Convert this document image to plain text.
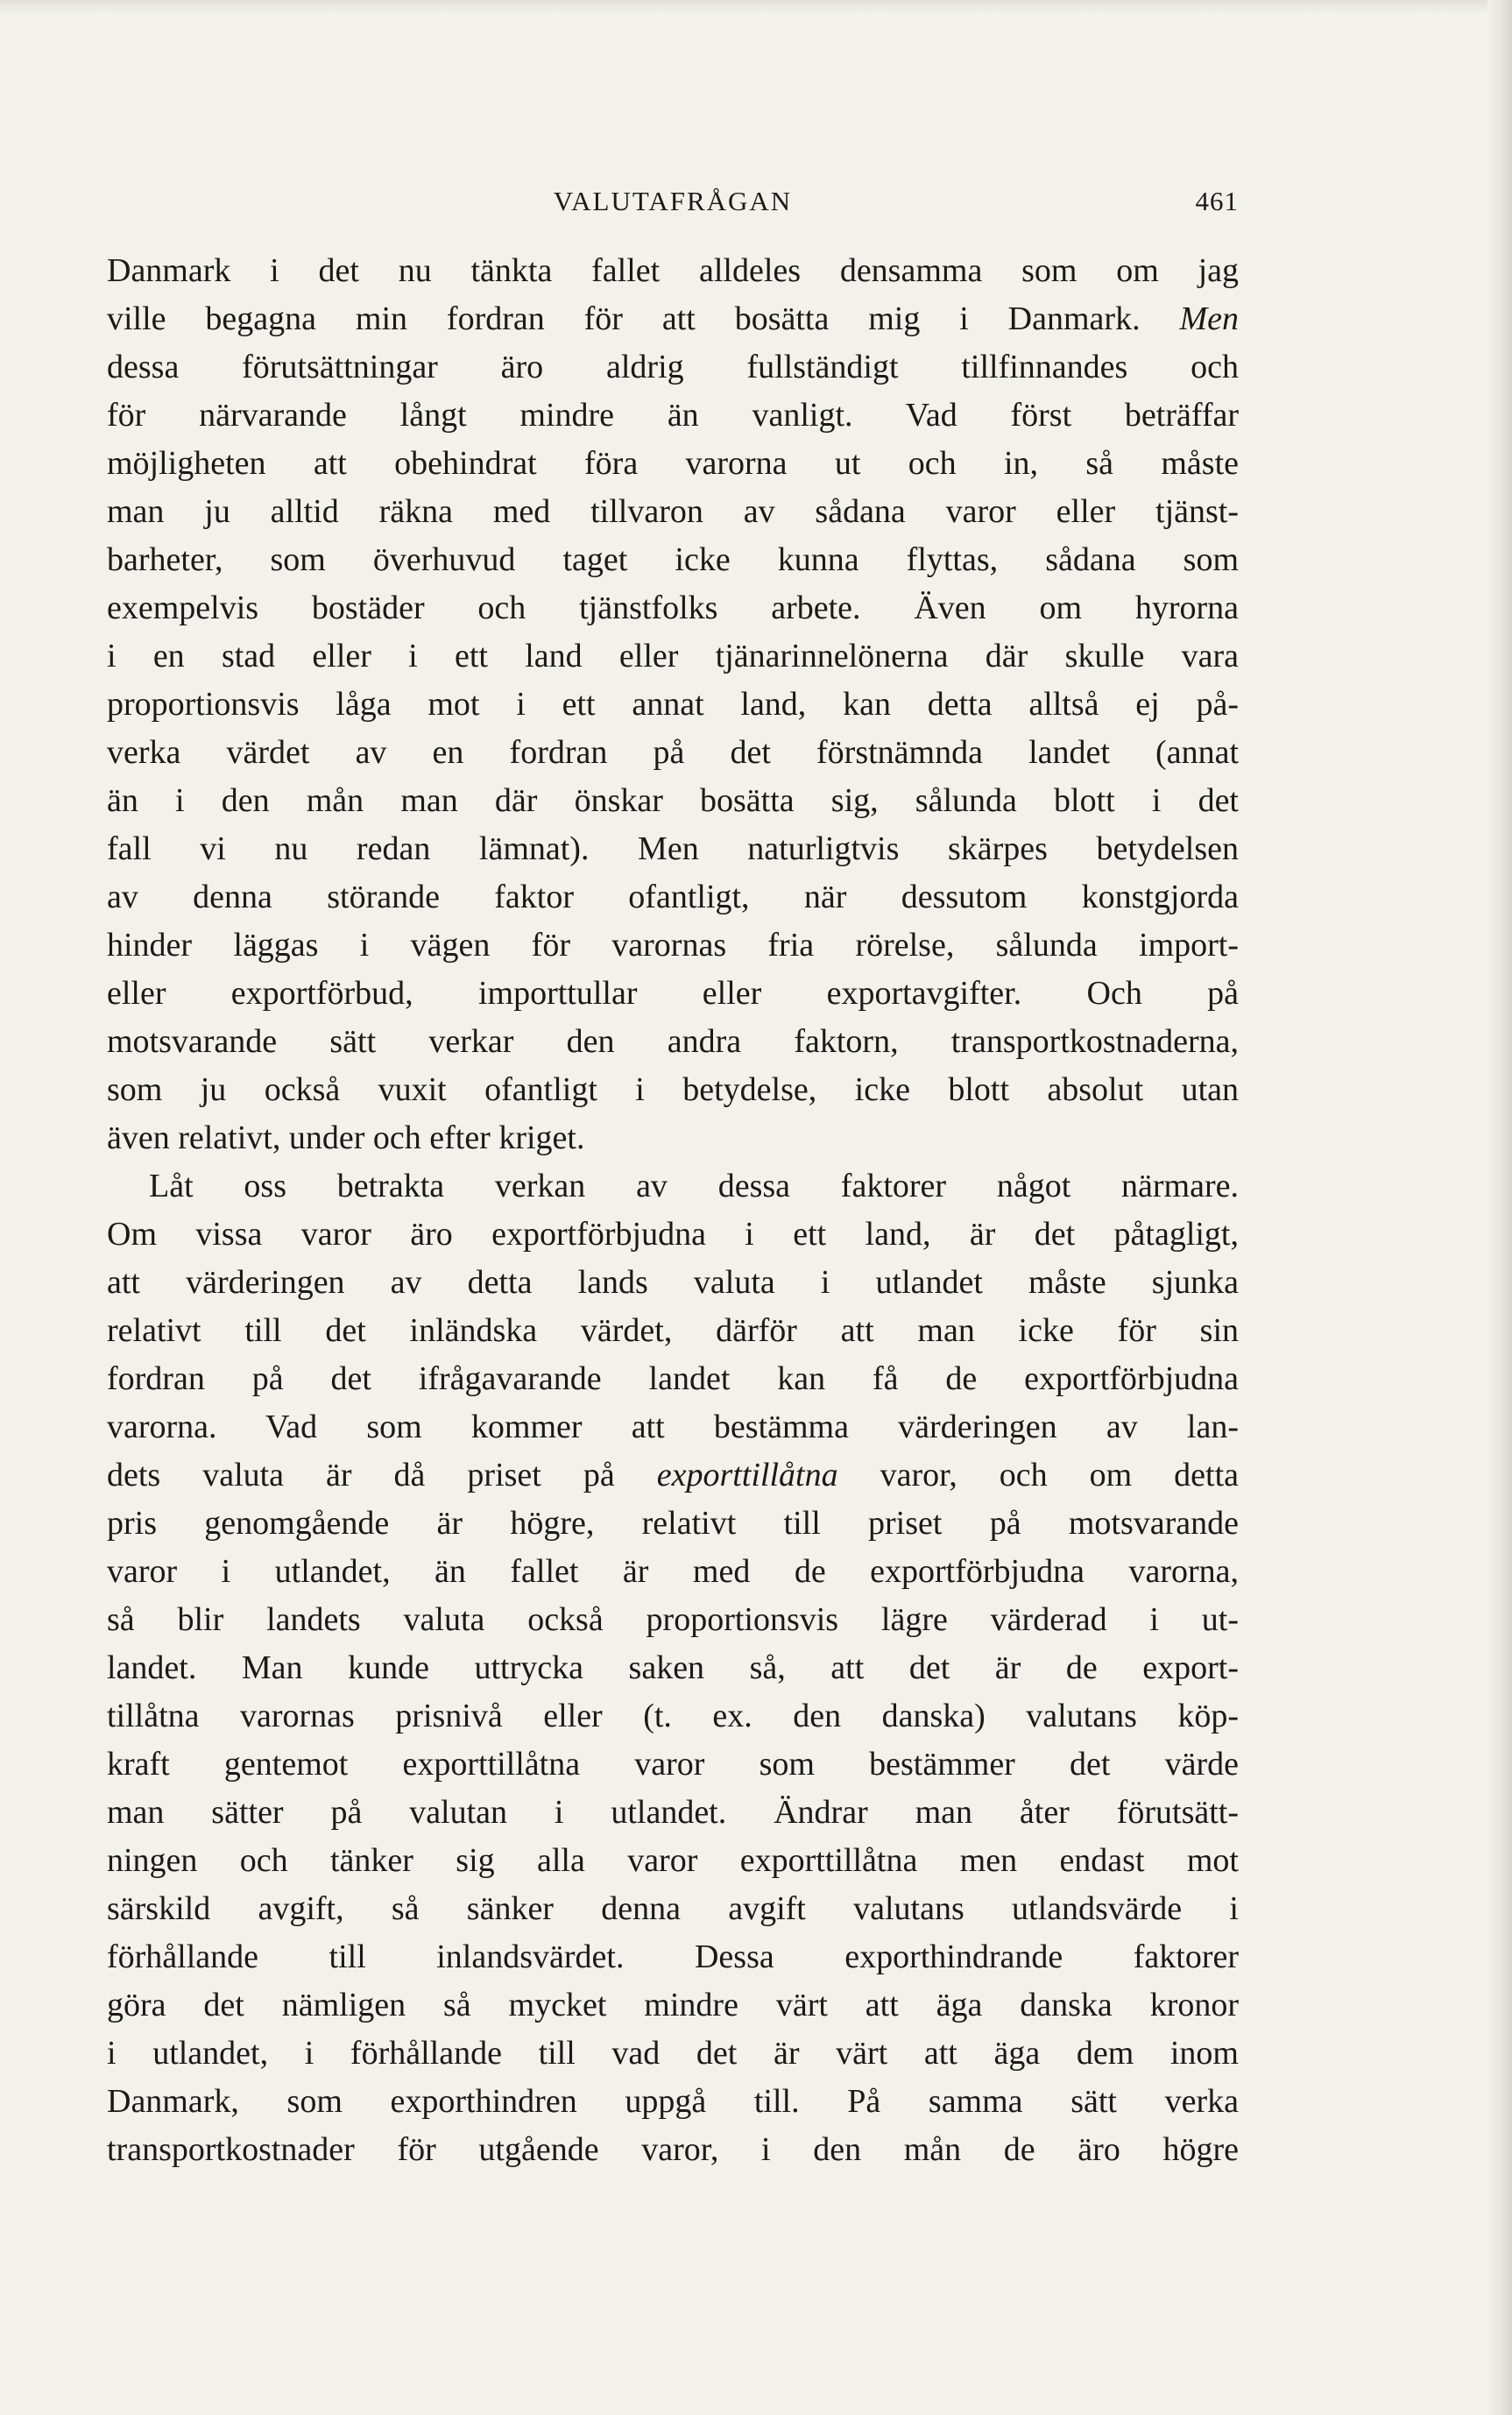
VALUTAFRÅGAN	461
Danmark i det nu tänkta fallet alldeles densamma som om jag
ville begagna min fordran för att bosätta mig i Danmark. Men
dessa förutsättningar äro aldrig fullständigt tillfinnandes och
för närvarande långt mindre än vanligt. Vad först beträffar
möjligheten att obehindrat föra varorna ut och in, så måste
man ju alltid räkna med tillvaron av sådana varor eller tjänst-
barheter, som överhuvud taget icke kunna flyttas, sådana som
exempelvis bostäder och tjänstfolks arbete. Även om hyrorna
i en stad eller i ett land eller tjänarinnelönerna där skulle vara
proportionsvis låga mot i ett annat land, kan detta alltså ej på-
verka värdet av en fordran på det förstnämnda landet (annat
än i den mån man där önskar bosätta sig, sålunda blott i det
fall vi nu redan lämnat). Men naturligtvis skärpes betydelsen
av denna störande faktor ofantligt, när dessutom konstgjorda
hinder läggas i vägen för varornas fria rörelse, sålunda import-
eller exportförbud, importtullar eller exportavgifter. Och på
motsvarande sätt verkar den andra faktorn, transportkostnaderna,
som ju också vuxit ofantligt i betydelse, icke blott absolut utan
även relativt, under och efter kriget.
Låt oss betrakta verkan av dessa faktorer något närmare.
Om vissa varor äro exportförbjudna i ett land, är det påtagligt,
att värderingen av detta lands valuta i utlandet måste sjunka
relativt till det inländska värdet, därför att man icke för sin
fordran på det ifrågavarande landet kan få de exportförbjudna
varorna. Vad som kommer att bestämma värderingen av lan-
dets valuta är då priset på exporttillåtna varor, och om detta
pris genomgående är högre, relativt till priset på motsvarande
varor i utlandet, än fallet är med de exportförbjudna varorna,
så blir landets valuta också proportionsvis lägre värderad i ut-
landet. Man kunde uttrycka saken så, att det är de export-
tillåtna varornas prisnivå eller (t. ex. den danska) valutans köp-
kraft gentemot exporttillåtna varor som bestämmer det värde
man sätter på valutan i utlandet. Ändrar man åter förutsätt-
ningen och tänker sig alla varor exporttillåtna men endast mot
särskild avgift, så sänker denna avgift valutans utlandsvärde i
förhållande till inlandsvärdet. Dessa exporthindrande faktorer
göra det nämligen så mycket mindre värt att äga danska kronor
i utlandet, i förhållande till vad det är värt att äga dem inom
Danmark, som exporthindren uppgå till. På samma sätt verka
transportkostnader för utgående varor, i den mån de äro högre
